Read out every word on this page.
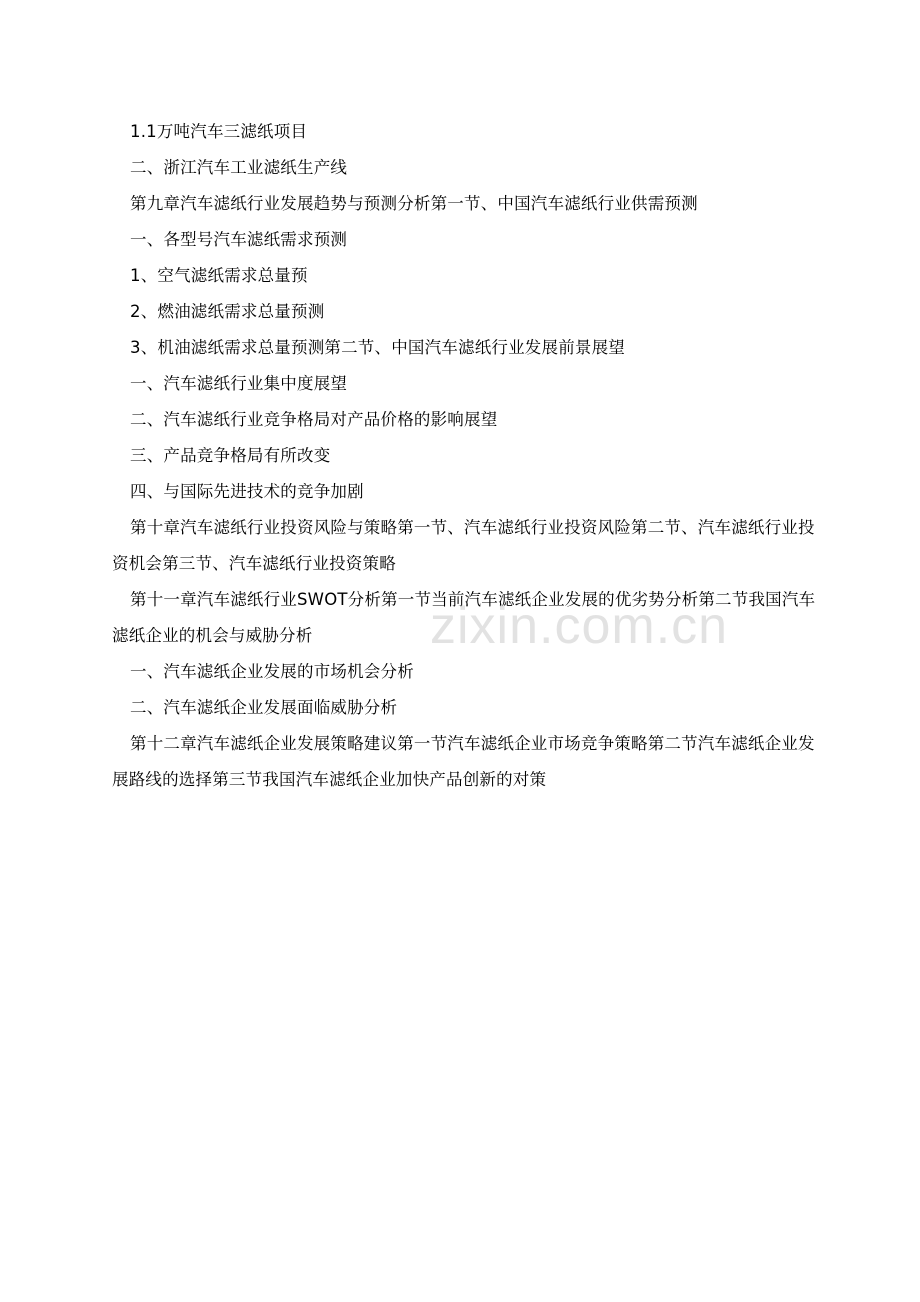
1.1万吨汽车三滤纸项目

二、浙江汽车工业滤纸生产线

第九章汽车滤纸行业发展趋势与预测分析第一节、中国汽车滤纸行业供需预测

一、各型号汽车滤纸需求预测

1、空气滤纸需求总量预

2、燃油滤纸需求总量预测

3、机油滤纸需求总量预测第二节、中国汽车滤纸行业发展前景展望

一、汽车滤纸行业集中度展望

二、汽车滤纸行业竞争格局对产品价格的影响展望

三、产品竞争格局有所改变

四、与国际先进技术的竞争加剧

第十章汽车滤纸行业投资风险与策略第一节、汽车滤纸行业投资风险第二节、汽车滤纸行业投资机会第三节、汽车滤纸行业投资策略

第十一章汽车滤纸行业SWOT分析第一节当前汽车滤纸企业发展的优劣势分析第二节我国汽车滤纸企业的机会与威胁分析

一、汽车滤纸企业发展的市场机会分析

二、汽车滤纸企业发展面临威胁分析

第十二章汽车滤纸企业发展策略建议第一节汽车滤纸企业市场竞争策略第二节汽车滤纸企业发展路线的选择第三节我国汽车滤纸企业加快产品创新的对策

zixin.com.cn
